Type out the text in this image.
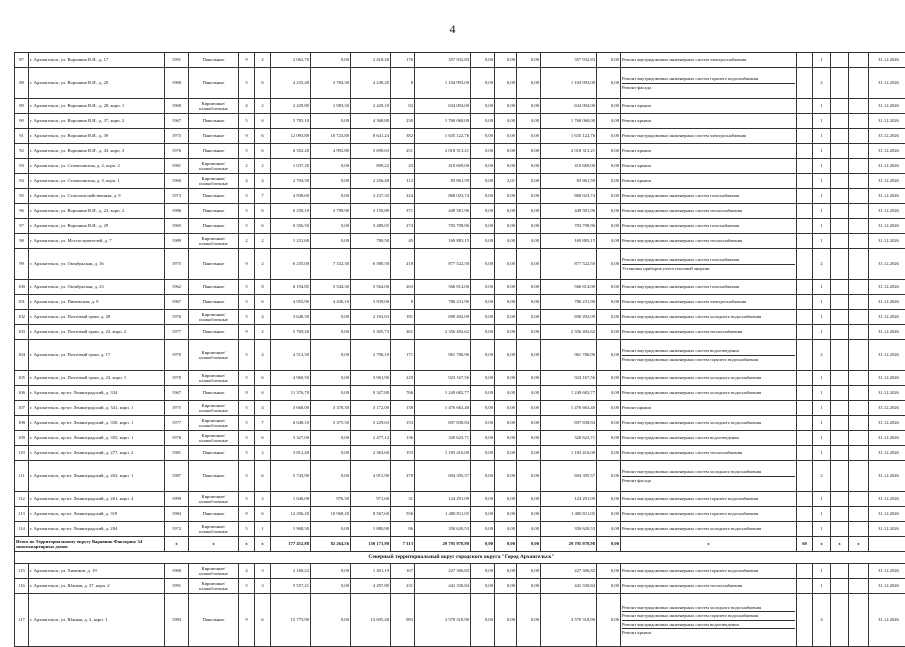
4
87	г. Архангельск, ул. Воронина В.И., д. 17	1991	Панельные	9	2	2 062,70	0,00	2 418,20	176	357 932,83	0,00	0,00	0,00	357 932,83	0,00	Ремонт внутридомовых инженерных систем электроснабжения		1			31.12.2026
88	г. Архангельск, ул. Воронина В.И., д. 20	1968	Панельные	5	6	4 235,40	3 784,30	4 249,20	8	1 104 993,00	0,00	0,00	0,00	1 104 993,00	0,00	Ремонт внутридомовых инженерных систем горячего водоснабжения
Ремонт фасада		2			31.12.2026
89	г. Архангельск, ул. Воронина В.И., д. 28, корп. 1	1960	Кирпичные/шлакоблочные	4	2	2 229,80	1 983,30	2 429,10	82	634 094,00	0,00	0,00	0,00	634 094,00	0,00	Ремонт крыши		1			31.12.2026
90	г. Архангельск, ул. Воронина В.И., д. 37, корп. 2	1967	Панельные	5	6	5 785,10	0,00	4 368,80	230	1 760 060,00	0,00	0,00	0,00	1 760 060,00	0,00	Ремонт крыши		1			31.12.2026
91	г. Архангельск, ул. Воронина В.И., д. 39	1973	Панельные	9	6	12 093,88	10 723,80	8 641,24	382	1 635 122,76	0,00	0,00	0,00	1 635 122,76	0,00	Ремонт внутридомовых инженерных систем электроснабжения		1			31.12.2026
92	г. Архангельск, ул. Воронина В.И., д. 43, корп. 3	1976	Панельные	5	6	6 352,20	4 992,80	5 690,63	251	2 018 313,21	0,00	0,00	0,00	2 018 313,21	0,00	Ремонт крыши		1			31.12.2026
93	г. Архангельск, ул. Селенгинская, д. 2, корп. 2	1981	Кирпичные/шлакоблочные	2	2	1 037,20	0,00	809,22	43	410 669,00	0,00	0,00	0,00	410 669,00	0,00	Ремонт крыши		1			31.12.2026
94	г. Архангельск, ул. Селенгинская, д. 3, корп. 1	1960	Кирпичные/шлакоблочные	4	4	2 704,50	0,00	2 256,40	112	83 861,59	0,00	2,01	0,00	83 861,59	0,00	Ремонт крыши		1			31.12.2026
95	г. Архангельск, ул. Сельскохозяйственная, д. 9	1973	Панельные	5	7	4 938,60	0,00	3 237,35	224	868 023,74	0,00	0,00	0,00	868 023,74	0,00	Ремонт внутридомовых инженерных систем газоснабжения		1			31.12.2026
96	г. Архангельск, ул. Воронина В.И., д. 23, корп. 2	1986	Панельные	5	6	6 250,10	3 799,90	3 150,80	371	449 581,96	0,00	0,00	0,00	449 581,96	0,00	Ремонт внутридомовых инженерных систем теплоснабжения		1			31.12.2026
97	г. Архангельск, ул. Воронина В.И., д. 29	1965	Панельные	5	6	6 356,50	0,00	3 489,05	274	703 798,96	0,00	0,00	0,00	703 798,96	0,00	Ремонт внутридомовых инженерных систем газоснабжения		1			31.12.2026
98	г. Архангельск, ул. Мостостроителей, д. 7	1989	Кирпичные/шлакоблочные	2	2	1 231,60	0,00	780,50	45	169 883,15	0,00	0,00	0,00	169 883,15	0,00	Ремонт внутридомовых инженерных систем теплоснабжения		1			31.12.2026
99	г. Архангельск, ул. Октябрьская, д. 16	1975	Панельные	9	2	6 235,00	7 332,30	6 580,50	218	877 522,50	0,00	0,00	0,00	877 522,50	0,00	Ремонт внутридомовых инженерных систем газоснабжения
Установка приборов учета тепловой энергии		2			31.12.2026
100	г. Архангельск, ул. Октябрьская, д. 23	1962	Панельные	5	8	6 194,85	5 544,30	5 564,00	263	566 814,00	0,00	0,00	0,00	566 814,00	0,00	Ремонт внутридомовых инженерных систем газоснабжения		1			31.12.2026
101	г. Архангельск, ул. Пинежская, д. 9	1967	Панельные	5	6	4 955,90	4 436,10	3 939,00	8	786 231,90	0,00	0,00	0,00	786 231,90	0,00	Ремонт внутридомовых инженерных систем электроснабжения		1			31.12.2026
102	г. Архангельск, ул. Почтовый тракт, д. 28	1976	Кирпичные/шлакоблочные	5	4	3 648,50	0,00	2 163,63	181	690 492,09	0,00	0,00	0,00	690 492,09	0,00	Ремонт внутридомовых инженерных систем холодного водоснабжения		1			31.12.2026
103	г. Архангельск, ул. Почтовый тракт, д. 23, корп. 2	1977	Панельные	9	2	5 769,20	0,00	5 305,73	261	2 356 492,62	0,00	0,00	0,00	2 356 492,62	0,00	Ремонт внутридомовых инженерных систем теплоснабжения		1			31.12.2026
104	г. Архангельск, ул. Почтовый тракт, д. 17	1970	Кирпичные/шлакоблочные	5	4	4 512,50	0,00	2 796,10	171	961 786,96	0,00	0,00	0,00	961 786,96	0,00	Ремонт внутридомовых инженерных систем водоотведения
Ремонт внутридомовых инженерных систем горячего водоснабжения		2			31.12.2026
105	г. Архангельск, ул. Почтовый тракт, д. 23, корп. 1	1970	Кирпичные/шлакоблочные	5	6	4 960,50	0,00	3 961,90	229	923 167,56	0,00	0,00	0,00	923 167,56	0,00	Ремонт внутридомовых инженерных систем холодного водоснабжения		1			31.12.2026
106	г. Архангельск, пр-кт. Ленинградский, д. 334	1967	Панельные	9	6	11 376,70	0,00	9 327,80	766	1 249 682,77	0,00	0,00	0,00	1 249 682,77	0,00	Ремонт внутридомовых инженерных систем холодного водоснабжения		1			31.12.2026
107	г. Архангельск, пр-кт. Ленинградский, д. 341, корп. 1	1975	Кирпичные/шлакоблочные	5	4	3 668,00	3 378,30	3 172,00	138	1 476 663,40	0,00	0,00	0,00	1 476 663,40	0,00	Ремонт крыши		1			31.12.2026
108	г. Архангельск, пр-кт. Ленинградский, д. 350, корп. 1	1977	Кирпичные/шлакоблочные	5	7	6 048,10	5 375,50	5 229,63	153	697 838,84	0,00	0,00	0,00	697 838,84	0,00	Ремонт внутридомовых инженерных систем холодного водоснабжения		1			31.12.2026
109	г. Архангельск, пр-кт. Ленинградский, д. 355, корп. 1	1976	Кирпичные/шлакоблочные	5	6	3 327,00	0,00	2 477,12	136	320 623,71	0,00	0,00	0,00	320 623,71	0,00	Ремонт внутридомовых инженерных систем водоотведения		1			31.12.2026
110	г. Архангельск, пр-кт. Ленинградский, д. 277, корп. 2	1981	Панельные	5	2	3 812,40	0,00	2 363,60	193	1 183 416,00	0,00	0,00	0,00	1 183 416,00	0,00	Ремонт внутридомовых инженерных систем теплоснабжения		1			31.12.2026
111	г. Архангельск, пр-кт. Ленинградский, д. 263, корп. 1	1987	Панельные	5	6	5 743,90	0,00	4 915,90	278	694 395,57	0,00	0,00	0,00	694 395,57	0,00	Ремонт внутридомовых инженерных систем холодного водоснабжения
Ремонт фасада		2			31.12.2026
112	г. Архангельск, пр-кт. Ленинградский, д. 261, корп. 4	1999	Кирпичные/шлакоблочные	5	2	1 046,08	976,50	971,60	31	124 291,09	0,00	0,00	0,00	124 291,09	0,00	Ремонт внутридомовых инженерных систем горячего водоснабжения		1			31.12.2026
113	г. Архангельск, пр-кт. Ленинградский, д. 319	1984	Панельные	9	6	12 296,20	10 968,20	8 567,60	556	1 480 811,05	0,00	0,00	0,00	1 480 811,05	0,00	Ремонт внутридомовых инженерных систем горячего водоснабжения		1			31.12.2026
114	г. Архангельск, пр-кт. Ленинградский, д. 204	1972	Кирпичные/шлакоблочные	5	1	1 968,30	0,00	1 880,90	86	350 620,53	0,00	0,00	0,00	350 620,53	0,00	Ремонт внутридомовых инженерных систем холодного водоснабжения		1			31.12.2026
Итого по Территориальному округу Варавино-Фактория: 34 многоквартирных домов		x	x	x	x	177 452,88	82 264,56	150 171,98	7 313	29 795 978,98	0,00	0,00	0,00	29 795 978,98	0,00	x	60	x	x	x	
Северный территориальный округ городского округа "Город Архангельск"																					
115	г. Архангельск, ул. Химиков, д. 19	1968	Кирпичные/шлакоблочные	4	3	2 160,22	0,00	1 401,19	167	227 306,82	0,00	0,00	0,00	227 306,82	0,00	Ремонт внутридомовых инженерных систем горячего водоснабжения		1			31.12.2026
116	г. Архангельск, ул. Южная, д. 37, корп. 2	1991	Кирпичные/шлакоблочные	5	3	5 557,21	0,00	4 297,80	231	441 330,84	0,00	0,00	0,00	441 330,84	0,00	Ремонт внутридомовых инженерных систем теплоснабжения		1			31.12.2026
117	г. Архангельск, ул. Южная, д. 2, корп. 1	1983	Панельные	9	6	15 775,90	0,00	13 695,40	983	3 570 318,90	0,00	0,00	0,00	3 570 318,90	0,00	Ремонт внутридомовых инженерных систем холодного водоснабжения
Ремонт внутридомовых инженерных систем горячего водоснабжения
Ремонт внутридомовых инженерных систем водоотведения
Ремонт крыши		4			31.12.2026
